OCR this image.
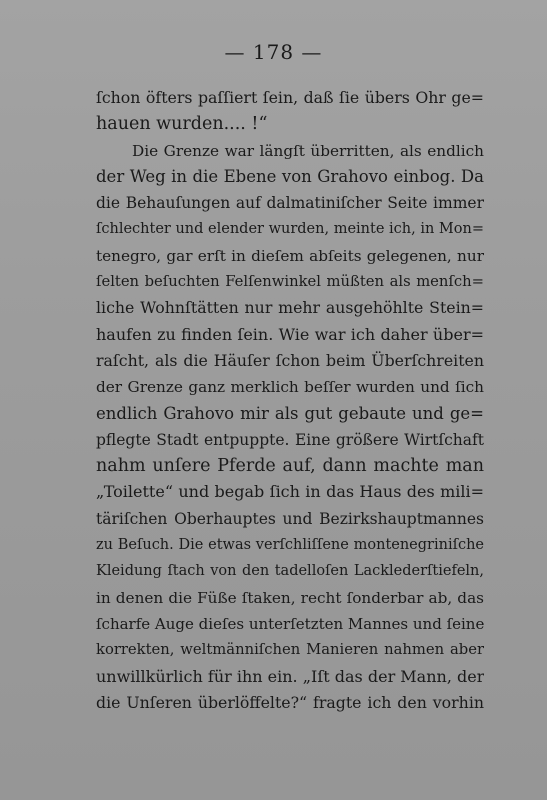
— 178 —
ſchon öfters paſſiert ſein, daß ſie übers Ohr ge=
hauen wurden.... !“
Die Grenze war längſt überritten, als endlich
der Weg in die Ebene von Grahovo einbog. Da
die Behauſungen auf dalmatiniſcher Seite immer
ſchlechter und elender wurden, meinte ich, in Mon=
tenegro, gar erſt in dieſem abſeits gelegenen, nur
ſelten beſuchten Felſenwinkel müßten als menſch=
liche Wohnſtätten nur mehr ausgehöhlte Stein=
haufen zu finden ſein. Wie war ich daher über=
raſcht, als die Häuſer ſchon beim Überſchreiten
der Grenze ganz merklich beſſer wurden und ſich
endlich Grahovo mir als gut gebaute und ge=
pflegte Stadt entpuppte. Eine größere Wirtſchaft
nahm unſere Pferde auf, dann machte man
„Toilette“ und begab ſich in das Haus des mili=
täriſchen Oberhauptes und Bezirkshauptmannes
zu Beſuch. Die etwas verſchliſſene montenegriniſche
Kleidung ſtach von den tadelloſen Lacklederſtiefeln,
in denen die Füße ſtaken, recht ſonderbar ab, das
ſcharfe Auge dieſes unterſetzten Mannes und ſeine
korrekten, weltmänniſchen Manieren nahmen aber
unwillkürlich für ihn ein. „Iſt das der Mann, der
die Unſeren überlöffelte?“ fragte ich den vorhin
